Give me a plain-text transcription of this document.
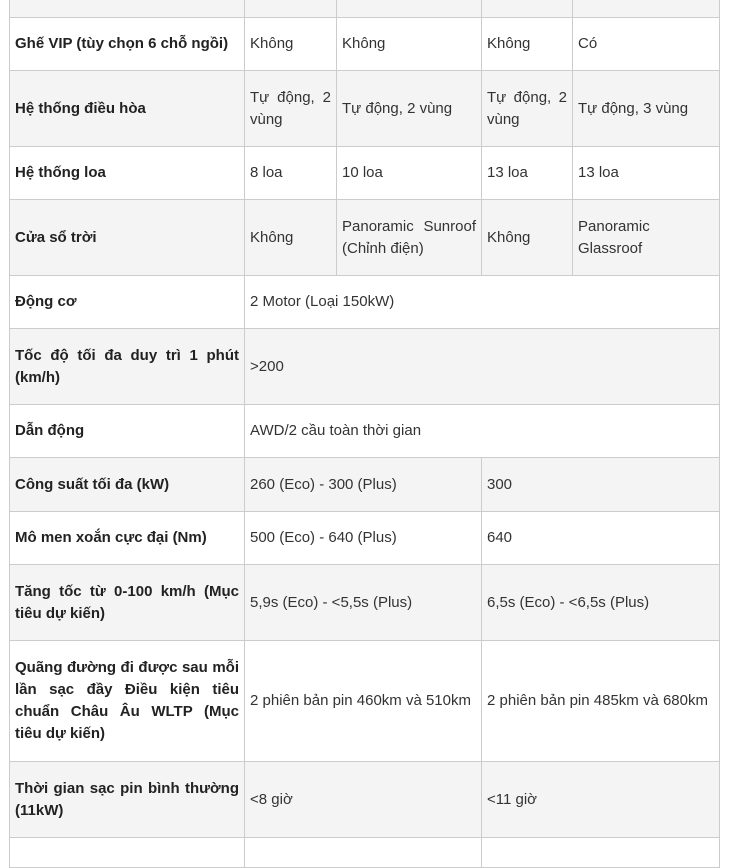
Ghế VIP (tùy chọn 6 chỗ ngồi)	Không	Không	Không	Có
Hệ thống điều hòa	Tự động, 2 vùng	Tự động, 2 vùng	Tự động, 2 vùng	Tự động, 3 vùng
Hệ thống loa	8 loa	10 loa	13 loa	13 loa
Cửa sổ trời	Không	Panoramic Sunroof (Chỉnh điện)	Không	Panoramic Glassroof
Động cơ	2 Motor (Loại 150kW)			
Tốc độ tối đa duy trì 1 phút (km/h)	>200			
Dẫn động	AWD/2 cầu toàn thời gian			
Công suất tối đa (kW)	260 (Eco) - 300 (Plus)		300	
Mô men xoắn cực đại (Nm)	500 (Eco) - 640 (Plus)		640	
Tăng tốc từ 0-100 km/h (Mục tiêu dự kiến)	5,9s (Eco) - <5,5s (Plus)		6,5s (Eco) - <6,5s (Plus)	
Quãng đường đi được sau mỗi lần sạc đầy Điều kiện tiêu chuẩn Châu Âu WLTP (Mục tiêu dự kiến)	2 phiên bản pin 460km và 510km		2 phiên bản pin 485km và 680km	
Thời gian sạc pin bình thường (11kW)	<8 giờ		<11 giờ	
